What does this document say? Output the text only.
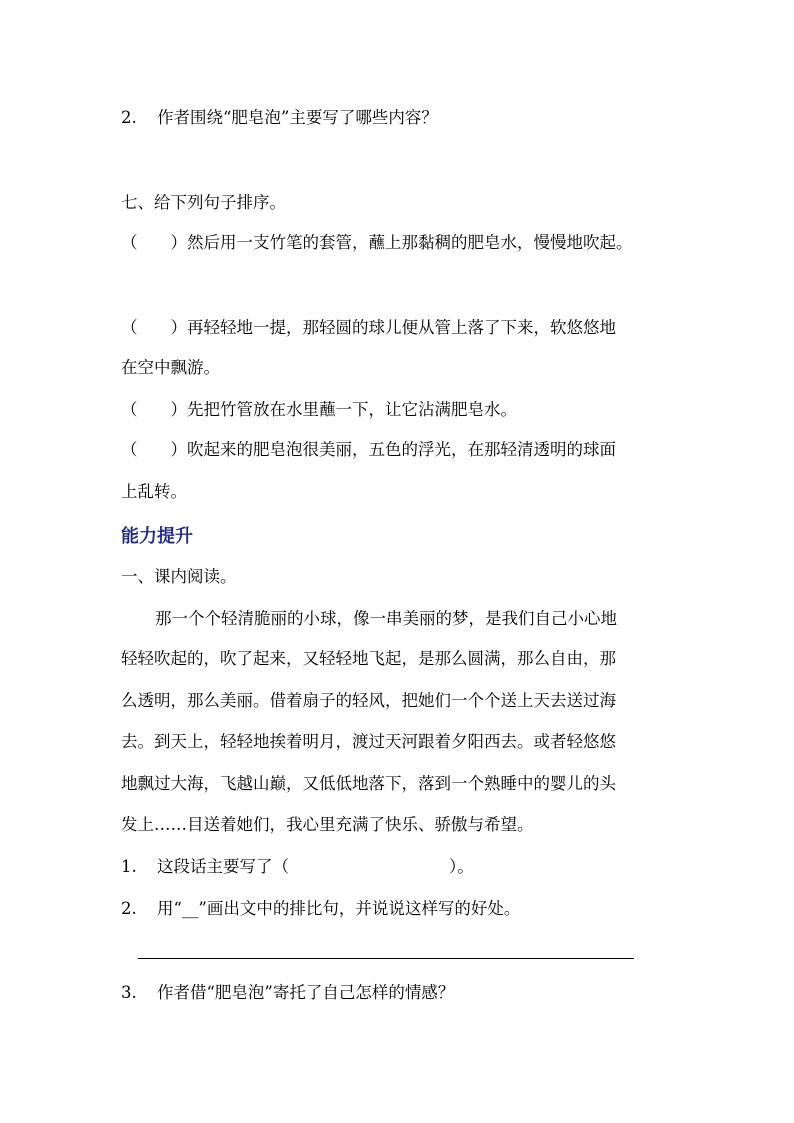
2. 作者围绕“肥皂泡”主要写了哪些内容？
七、给下列句子排序。
（　　）然后用一支竹笔的套管，蘸上那黏稠的肥皂水，慢慢地吹起。
（　　）再轻轻地一提，那轻圆的球儿便从管上落了下来，软悠悠地
在空中飘游。
（　　）先把竹管放在水里蘸一下，让它沾满肥皂水。
（　　）吹起来的肥皂泡很美丽，五色的浮光，在那轻清透明的球面
上乱转。
能力提升
一、课内阅读。
那一个个轻清脆丽的小球，像一串美丽的梦，是我们自己小心地
轻轻吹起的，吹了起来，又轻轻地飞起，是那么圆满，那么自由，那
么透明，那么美丽。借着扇子的轻风，把她们一个个送上天去送过海
去。到天上，轻轻地挨着明月，渡过天河跟着夕阳西去。或者轻悠悠
地飘过大海，飞越山巅，又低低地落下，落到一个熟睡中的婴儿的头
发上……目送着她们，我心里充满了快乐、骄傲与希望。
1. 这段话主要写了（	）。
2. 用“__”画出文中的排比句，并说说这样写的好处。
3. 作者借“肥皂泡”寄托了自己怎样的情感？
